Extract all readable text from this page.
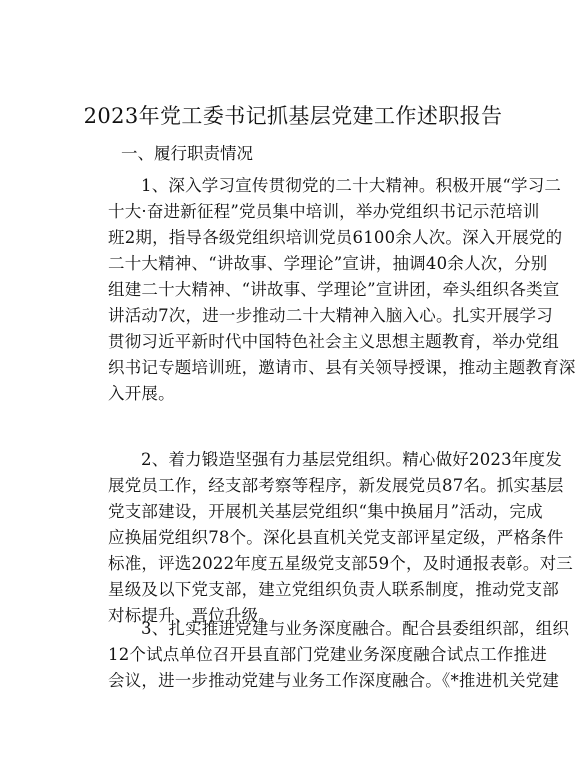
2023年党工委书记抓基层党建工作述职报告
一、履行职责情况
1、深入学习宣传贯彻党的二十大精神。积极开展“学习二
十大·奋进新征程”党员集中培训，举办党组织书记示范培训
班2期，指导各级党组织培训党员6100余人次。深入开展党的
二十大精神、“讲故事、学理论”宣讲，抽调40余人次，分别
组建二十大精神、“讲故事、学理论”宣讲团，牵头组织各类宣
讲活动7次，进一步推动二十大精神入脑入心。扎实开展学习
贯彻习近平新时代中国特色社会主义思想主题教育，举办党组
织书记专题培训班，邀请市、县有关领导授课，推动主题教育深
入开展。
2、着力锻造坚强有力基层党组织。精心做好2023年度发
展党员工作，经支部考察等程序，新发展党员87名。抓实基层
党支部建设，开展机关基层党组织“集中换届月”活动，完成
应换届党组织78个。深化县直机关党支部评星定级，严格条件
标准，评选2022年度五星级党支部59个，及时通报表彰。对三
星级及以下党支部，建立党组织负责人联系制度，推动党支部
对标提升、晋位升级。
3、扎实推进党建与业务深度融合。配合县委组织部，组织
12个试点单位召开县直部门党建业务深度融合试点工作推进
会议，进一步推动党建与业务工作深度融合。《*推进机关党建
